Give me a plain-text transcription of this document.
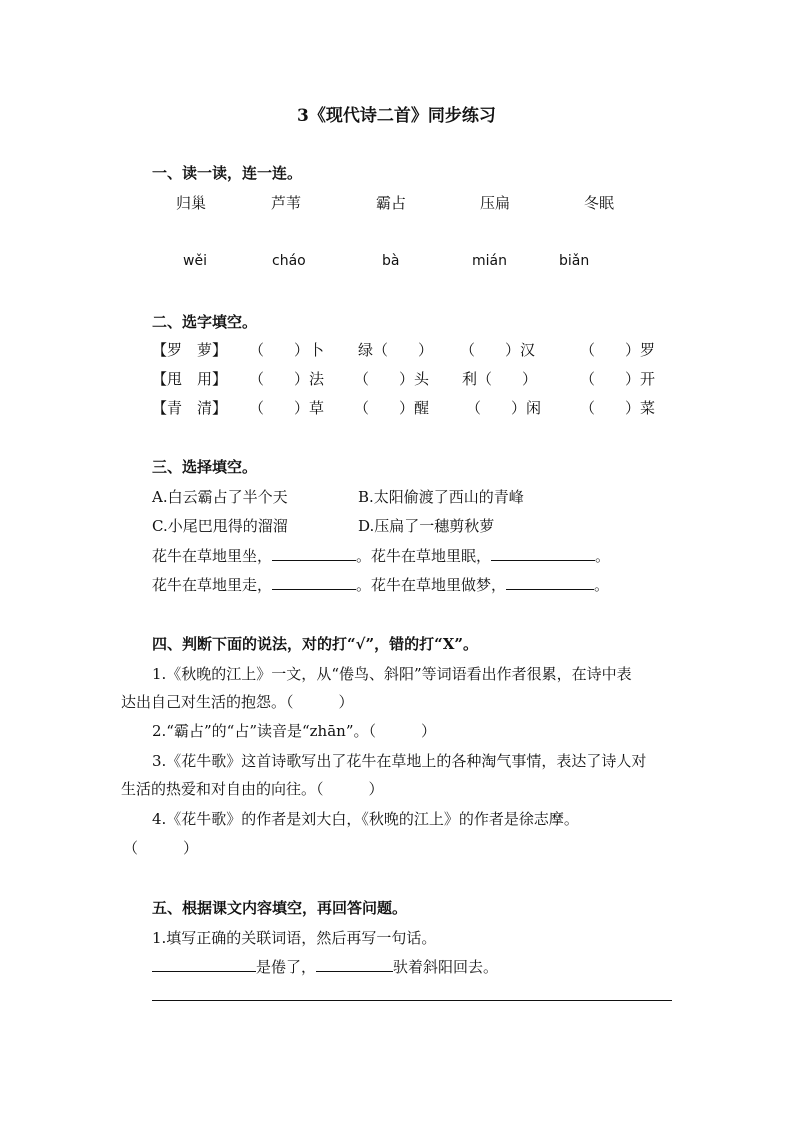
3《现代诗二首》同步练习
一、读一读，连一连。
归巢	芦苇	霸占	压扁	冬眠
wěi	cháo	bà	mián	biǎn
二、选字填空。
【罗　萝】 （　　）卜 绿（　　） （　　）汉	（　　）罗
【甩　用】 （　　）法 （　　）头 利（　　）	（　　）开
【青　清】 （　　）草 （　　）醒 （　　）闲	（　　）菜
三、选择填空。
A.白云霸占了半个天	B.太阳偷渡了西山的青峰
C.小尾巴甩得的溜溜	D.压扁了一穗剪秋萝
花牛在草地里坐，	。花牛在草地里眠，	。
花牛在草地里走，	。花牛在草地里做梦，	。
四、判断下面的说法，对的打“√”，错的打“X”。
1.《秋晚的江上》一文，从“倦鸟、斜阳”等词语看出作者很累，在诗中表
达出自己对生活的抱怨。（　　　）
2.“霸占”的“占”读音是“zhān”。（　　　）
3.《花牛歌》这首诗歌写出了花牛在草地上的各种淘气事情，表达了诗人对
生活的热爱和对自由的向往。（　　　）
4.《花牛歌》的作者是刘大白，《秋晚的江上》的作者是徐志摩。
（　　　）
五、根据课文内容填空，再回答问题。
1.填写正确的关联词语，然后再写一句话。
是倦了，	驮着斜阳回去。
